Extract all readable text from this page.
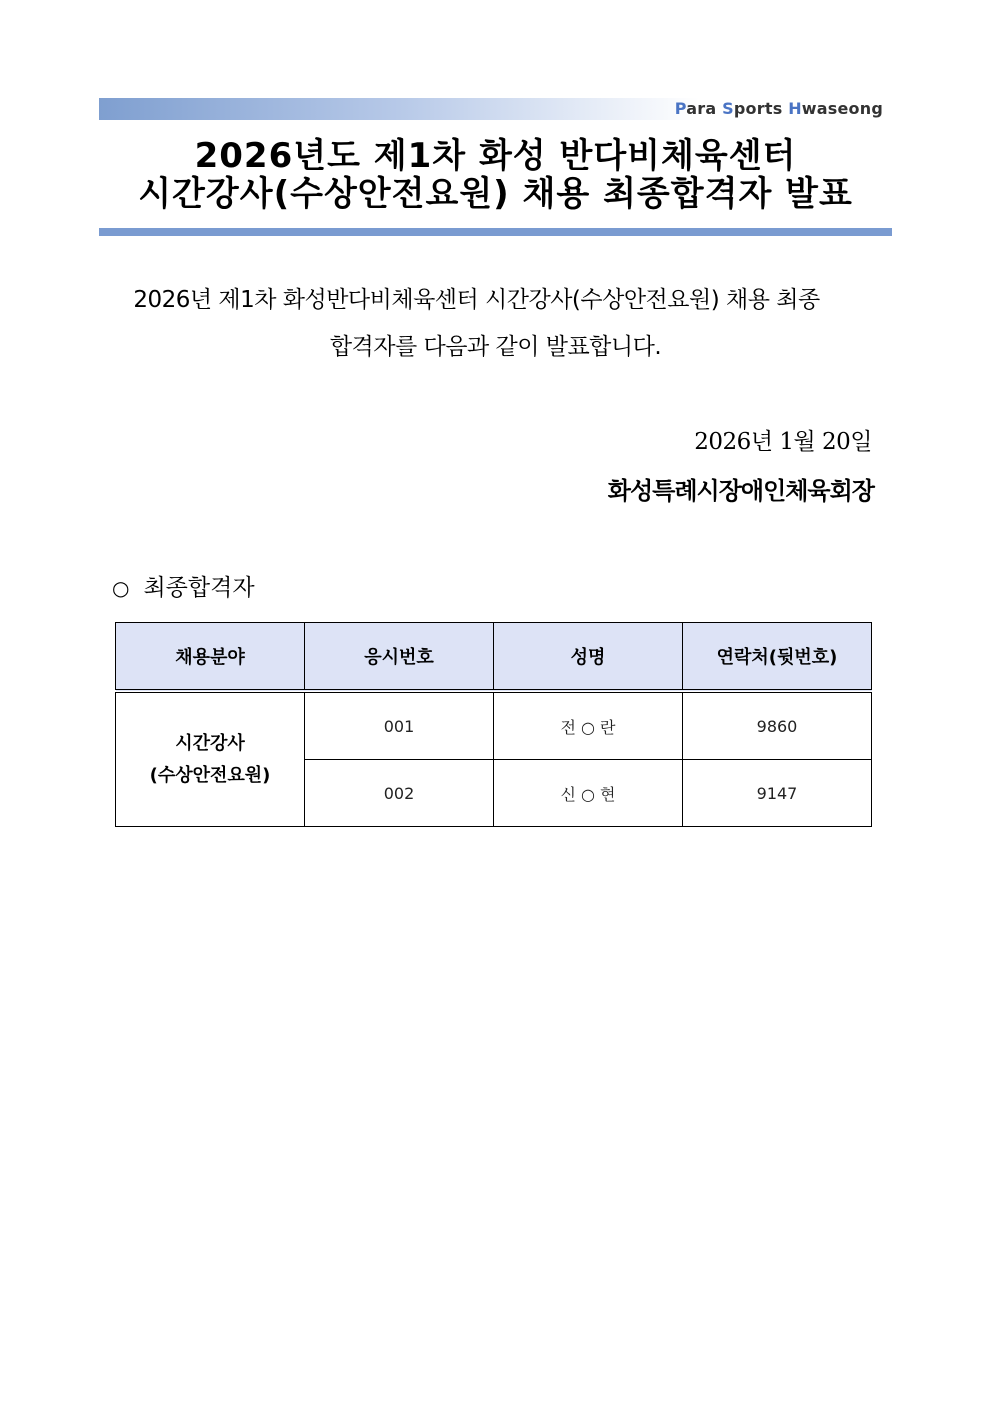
Para Sports Hwaseong
2026년도 제1차 화성 반다비체육센터
시간강사(수상안전요원) 채용 최종합격자 발표
2026년 제1차 화성반다비체육센터 시간강사(수상안전요원) 채용 최종
합격자를 다음과 같이 발표합니다.
2026년 1월 20일
화성특례시장애인체육회장
○ 최종합격자
채용분야	응시번호	성명	연락처(뒷번호)
시간강사
(수상안전요원)	001	전 ○ 란	9860
	002	신 ○ 현	9147
